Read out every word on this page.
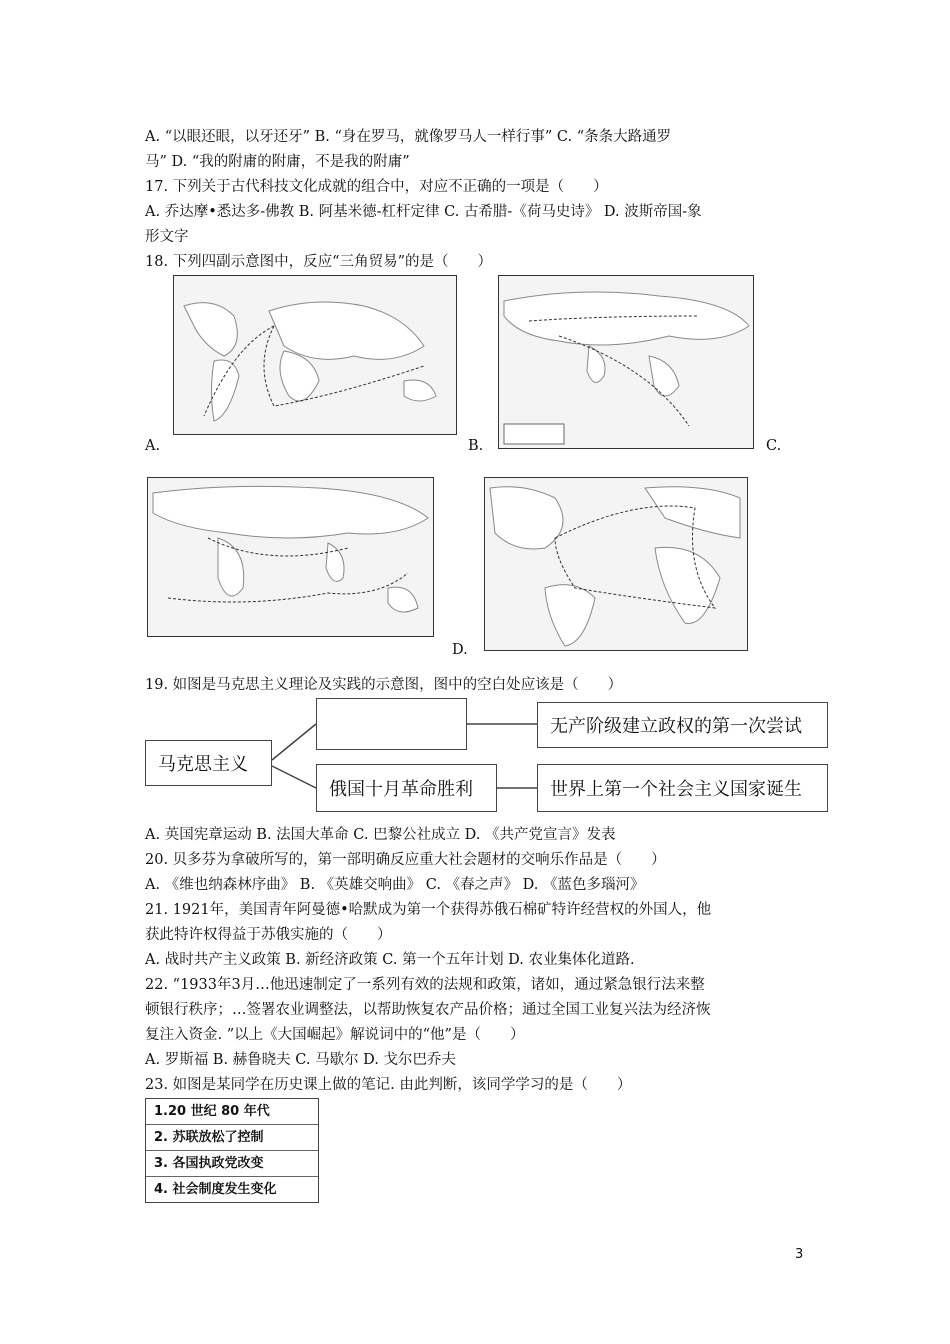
A. “以眼还眼，以牙还牙” B. “身在罗马，就像罗马人一样行事” C. “条条大路通罗
马” D. “我的附庸的附庸，不是我的附庸”
17. 下列关于古代科技文化成就的组合中，对应不正确的一项是（　　）
A. 乔达摩•悉达多-佛教 B. 阿基米德-杠杆定律 C. 古希腊-《荷马史诗》 D. 波斯帝国-象
形文字
18. 下列四副示意图中，反应“三角贸易”的是（　　）
A.	B.	C.
D.
19. 如图是马克思主义理论及实践的示意图，图中的空白处应该是（　　）
马克思主义
俄国十月革命胜利
无产阶级建立政权的第一次尝试
世界上第一个社会主义国家诞生
A. 英国宪章运动 B. 法国大革命 C. 巴黎公社成立 D. 《共产党宣言》发表
20. 贝多芬为拿破所写的，第一部明确反应重大社会题材的交响乐作品是（　　）
A. 《维也纳森林序曲》 B. 《英雄交响曲》 C. 《春之声》 D. 《蓝色多瑙河》
21. 1921年，美国青年阿曼德•哈默成为第一个获得苏俄石棉矿特许经营权的外国人，他
获此特许权得益于苏俄实施的（　　）
A. 战时共产主义政策 B. 新经济政策 C. 第一个五年计划 D. 农业集体化道路.
22. “1933年3月…他迅速制定了一系列有效的法规和政策，诸如，通过紧急银行法来整
顿银行秩序；…签署农业调整法，以帮助恢复农产品价格；通过全国工业复兴法为经济恢
复注入资金. ”以上《大国崛起》解说词中的“他”是（　　）
A. 罗斯福 B. 赫鲁晓夫 C. 马歇尔 D. 戈尔巴乔夫
23. 如图是某同学在历史课上做的笔记. 由此判断，该同学学习的是（　　）
1.20 世纪 80 年代
2. 苏联放松了控制
3. 各国执政党改变
4. 社会制度发生变化
3
